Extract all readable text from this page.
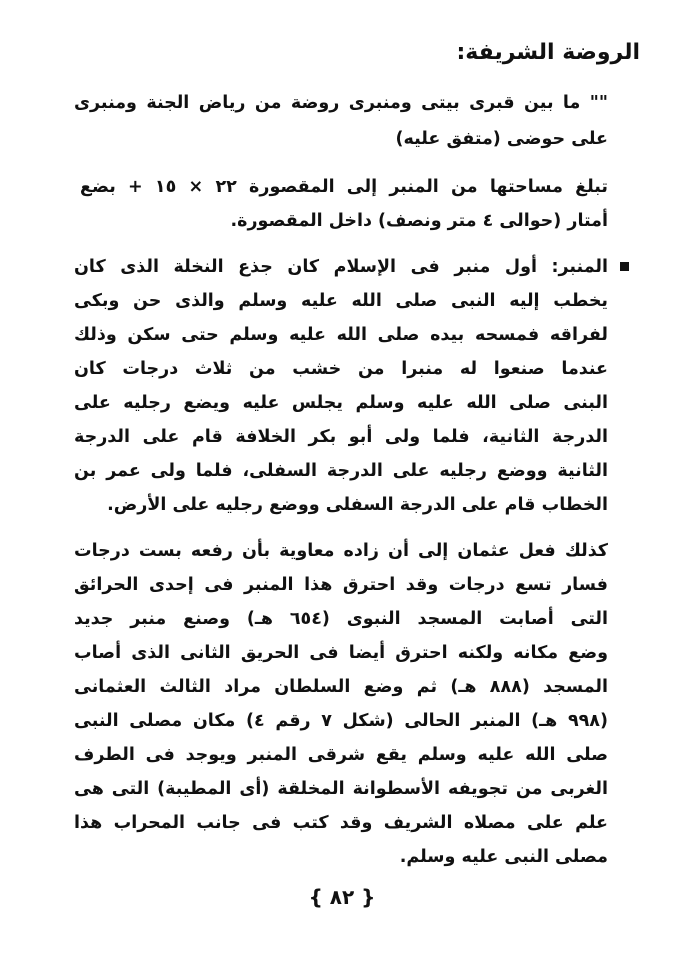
الروضة الشريفة:
"" ما بين قبرى بيتى ومنبرى روضة من رياض الجنة ومنبرى
على حوضى (متفق عليه)
تبلغ مساحتها من المنبر إلى المقصورة ٢٢ × ١٥ + بضع
أمتار (حوالى ٤ متر ونصف) داخل المقصورة.
المنبر: أول منبر فى الإسلام كان جذع النخلة الذى كان
يخطب إليه النبى صلى الله عليه وسلم والذى حن وبكى
لفراقه فمسحه بيده صلى الله عليه وسلم حتى سكن وذلك
عندما صنعوا له منبرا من خشب من ثلاث درجات كان
البنى صلى الله عليه وسلم يجلس عليه ويضع رجليه على
الدرجة الثانية، فلما ولى أبو بكر الخلافة قام على الدرجة
الثانية ووضع رجليه على الدرجة السفلى، فلما ولى عمر بن
الخطاب قام على الدرجة السفلى ووضع رجليه على الأرض.
كذلك فعل عثمان إلى أن زاده معاوية بأن رفعه بست درجات
فسار تسع درجات وقد احترق هذا المنبر فى إحدى الحرائق
التى أصابت المسجد النبوى (٦٥٤ هـ) وصنع منبر جديد
وضع مكانه ولكنه احترق أيضا فى الحريق الثانى الذى أصاب
المسجد (٨٨٨ هـ) ثم وضع السلطان مراد الثالث العثمانى
(٩٩٨ هـ) المنبر الحالى (شكل ٧ رقم ٤) مكان مصلى النبى
صلى الله عليه وسلم يقع شرقى المنبر ويوجد فى الطرف
الغربى من تجويفه الأسطوانة المخلقة (أى المطيبة) التى هى
علم على مصلاه الشريف وقد كتب فى جانب المحراب هذا
مصلى النبى عليه وسلم.
{ ٨٢ }
